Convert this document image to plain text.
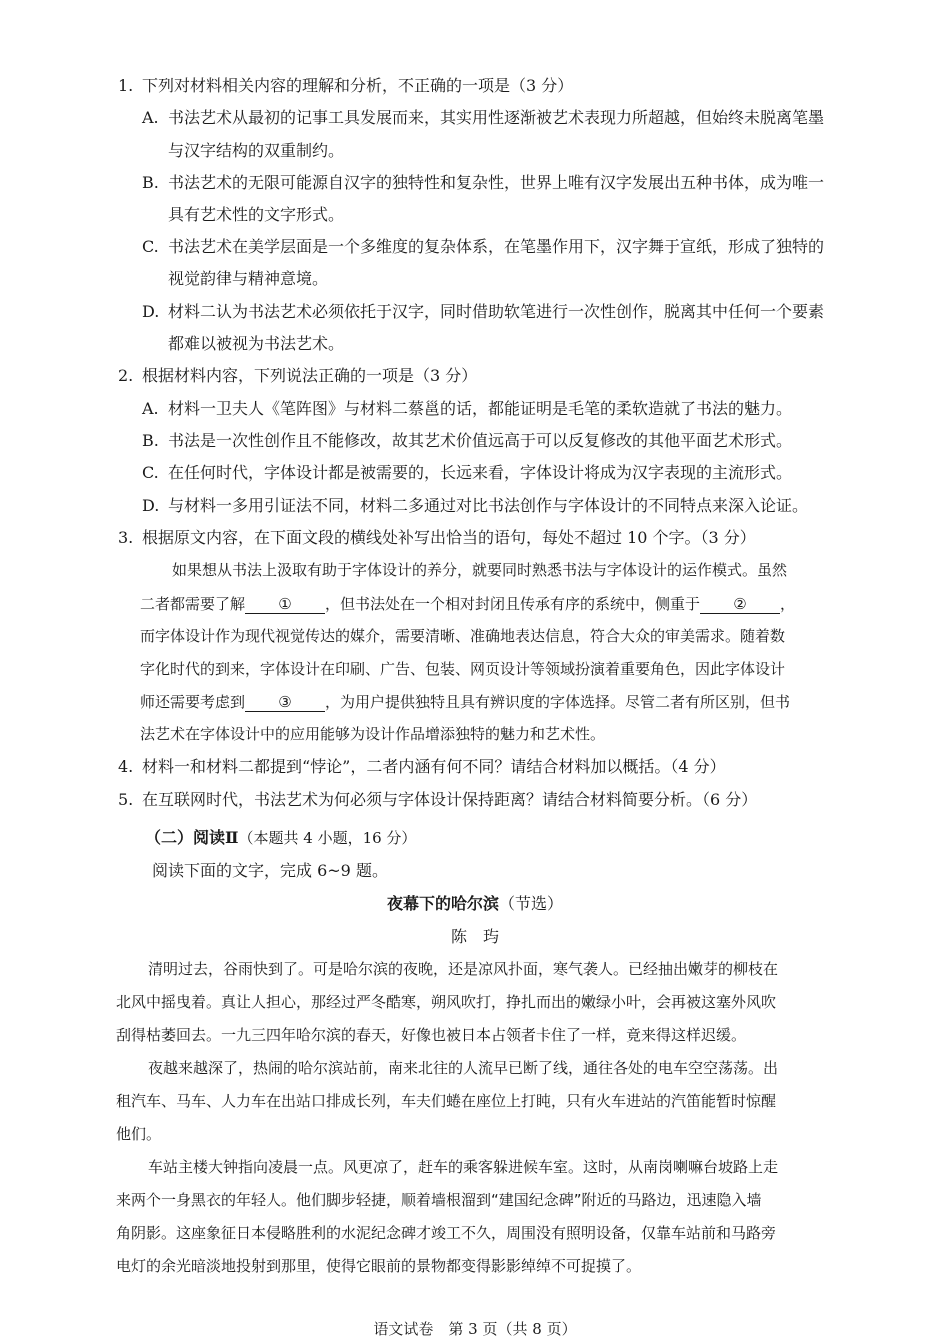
1. 下列对材料相关内容的理解和分析，不正确的一项是（3 分）
A. 书法艺术从最初的记事工具发展而来，其实用性逐渐被艺术表现力所超越，但始终未脱离笔墨
与汉字结构的双重制约。
B. 书法艺术的无限可能源自汉字的独特性和复杂性，世界上唯有汉字发展出五种书体，成为唯一
具有艺术性的文字形式。
C. 书法艺术在美学层面是一个多维度的复杂体系，在笔墨作用下，汉字舞于宣纸，形成了独特的
视觉韵律与精神意境。
D. 材料二认为书法艺术必须依托于汉字，同时借助软笔进行一次性创作，脱离其中任何一个要素
都难以被视为书法艺术。
2. 根据材料内容，下列说法正确的一项是（3 分）
A. 材料一卫夫人《笔阵图》与材料二蔡邕的话，都能证明是毛笔的柔软造就了书法的魅力。
B. 书法是一次性创作且不能修改，故其艺术价值远高于可以反复修改的其他平面艺术形式。
C. 在任何时代，字体设计都是被需要的，长远来看，字体设计将成为汉字表现的主流形式。
D. 与材料一多用引证法不同，材料二多通过对比书法创作与字体设计的不同特点来深入论证。
3. 根据原文内容，在下面文段的横线处补写出恰当的语句，每处不超过 10 个字。（3 分）
如果想从书法上汲取有助于字体设计的养分，就要同时熟悉书法与字体设计的运作模式。虽然
二者都需要了解 ① ，但书法处在一个相对封闭且传承有序的系统中，侧重于 ② ，
而字体设计作为现代视觉传达的媒介，需要清晰、准确地表达信息，符合大众的审美需求。随着数
字化时代的到来，字体设计在印刷、广告、包装、网页设计等领域扮演着重要角色，因此字体设计
师还需要考虑到 ③ ，为用户提供独特且具有辨识度的字体选择。尽管二者有所区别，但书
法艺术在字体设计中的应用能够为设计作品增添独特的魅力和艺术性。
4. 材料一和材料二都提到“悖论”，二者内涵有何不同？请结合材料加以概括。（4 分）
5. 在互联网时代，书法艺术为何必须与字体设计保持距离？请结合材料简要分析。（6 分）
（二）阅读Ⅱ（本题共 4 小题，16 分）
阅读下面的文字，完成 6~9 题。
夜幕下的哈尔滨（节选）
陈　玙
清明过去，谷雨快到了。可是哈尔滨的夜晚，还是凉风扑面，寒气袭人。已经抽出嫩芽的柳枝在
北风中摇曳着。真让人担心，那经过严冬酷寒，朔风吹打，挣扎而出的嫩绿小叶，会再被这塞外风吹
刮得枯萎回去。一九三四年哈尔滨的春天，好像也被日本占领者卡住了一样，竟来得这样迟缓。
夜越来越深了，热闹的哈尔滨站前，南来北往的人流早已断了线，通往各处的电车空空荡荡。出
租汽车、马车、人力车在出站口排成长列，车夫们蜷在座位上打盹，只有火车进站的汽笛能暂时惊醒
他们。
车站主楼大钟指向凌晨一点。风更凉了，赶车的乘客躲进候车室。这时，从南岗喇嘛台坡路上走
来两个一身黑衣的年轻人。他们脚步轻捷，顺着墙根溜到“建国纪念碑”附近的马路边，迅速隐入墙
角阴影。这座象征日本侵略胜利的水泥纪念碑才竣工不久，周围没有照明设备，仅靠车站前和马路旁
电灯的余光暗淡地投射到那里，使得它眼前的景物都变得影影绰绰不可捉摸了。
语文试卷　第 3 页（共 8 页）
